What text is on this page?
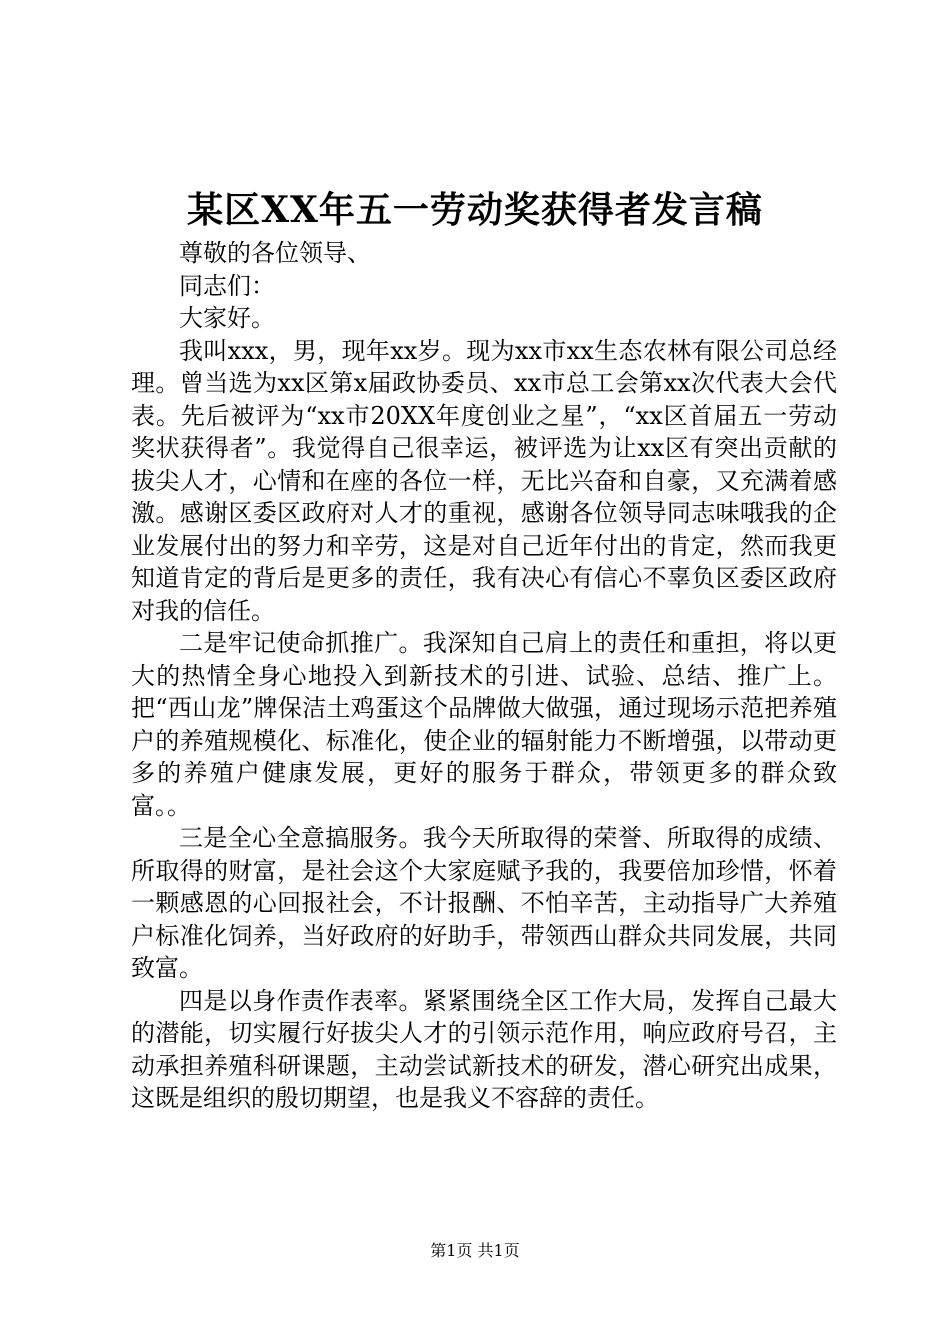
某区XX年五一劳动奖获得者发言稿

尊敬的各位领导、

同志们：

大家好。

我叫xxx，男，现年xx岁。现为xx市xx生态农林有限公司总经理。曾当选为xx区第x届政协委员、xx市总工会第xx次代表大会代表。先后被评为“xx市20XX年度创业之星”，“xx区首届五一劳动奖状获得者”。我觉得自己很幸运，被评选为让xx区有突出贡献的拔尖人才，心情和在座的各位一样，无比兴奋和自豪，又充满着感激。感谢区委区政府对人才的重视，感谢各位领导同志味哦我的企业发展付出的努力和辛劳，这是对自己近年付出的肯定，然而我更知道肯定的背后是更多的责任，我有决心有信心不辜负区委区政府对我的信任。

二是牢记使命抓推广。我深知自己肩上的责任和重担，将以更大的热情全身心地投入到新技术的引进、试验、总结、推广上。把“西山龙”牌保洁土鸡蛋这个品牌做大做强，通过现场示范把养殖户的养殖规模化、标准化，使企业的辐射能力不断增强，以带动更多的养殖户健康发展，更好的服务于群众，带领更多的群众致富。。

三是全心全意搞服务。我今天所取得的荣誉、所取得的成绩、所取得的财富，是社会这个大家庭赋予我的，我要倍加珍惜，怀着一颗感恩的心回报社会，不计报酬、不怕辛苦，主动指导广大养殖户标准化饲养，当好政府的好助手，带领西山群众共同发展，共同致富。

四是以身作责作表率。紧紧围绕全区工作大局，发挥自己最大的潜能，切实履行好拔尖人才的引领示范作用，响应政府号召，主动承担养殖科研课题，主动尝试新技术的研发，潜心研究出成果，这既是组织的殷切期望，也是我义不容辞的责任。

第1页 共1页
